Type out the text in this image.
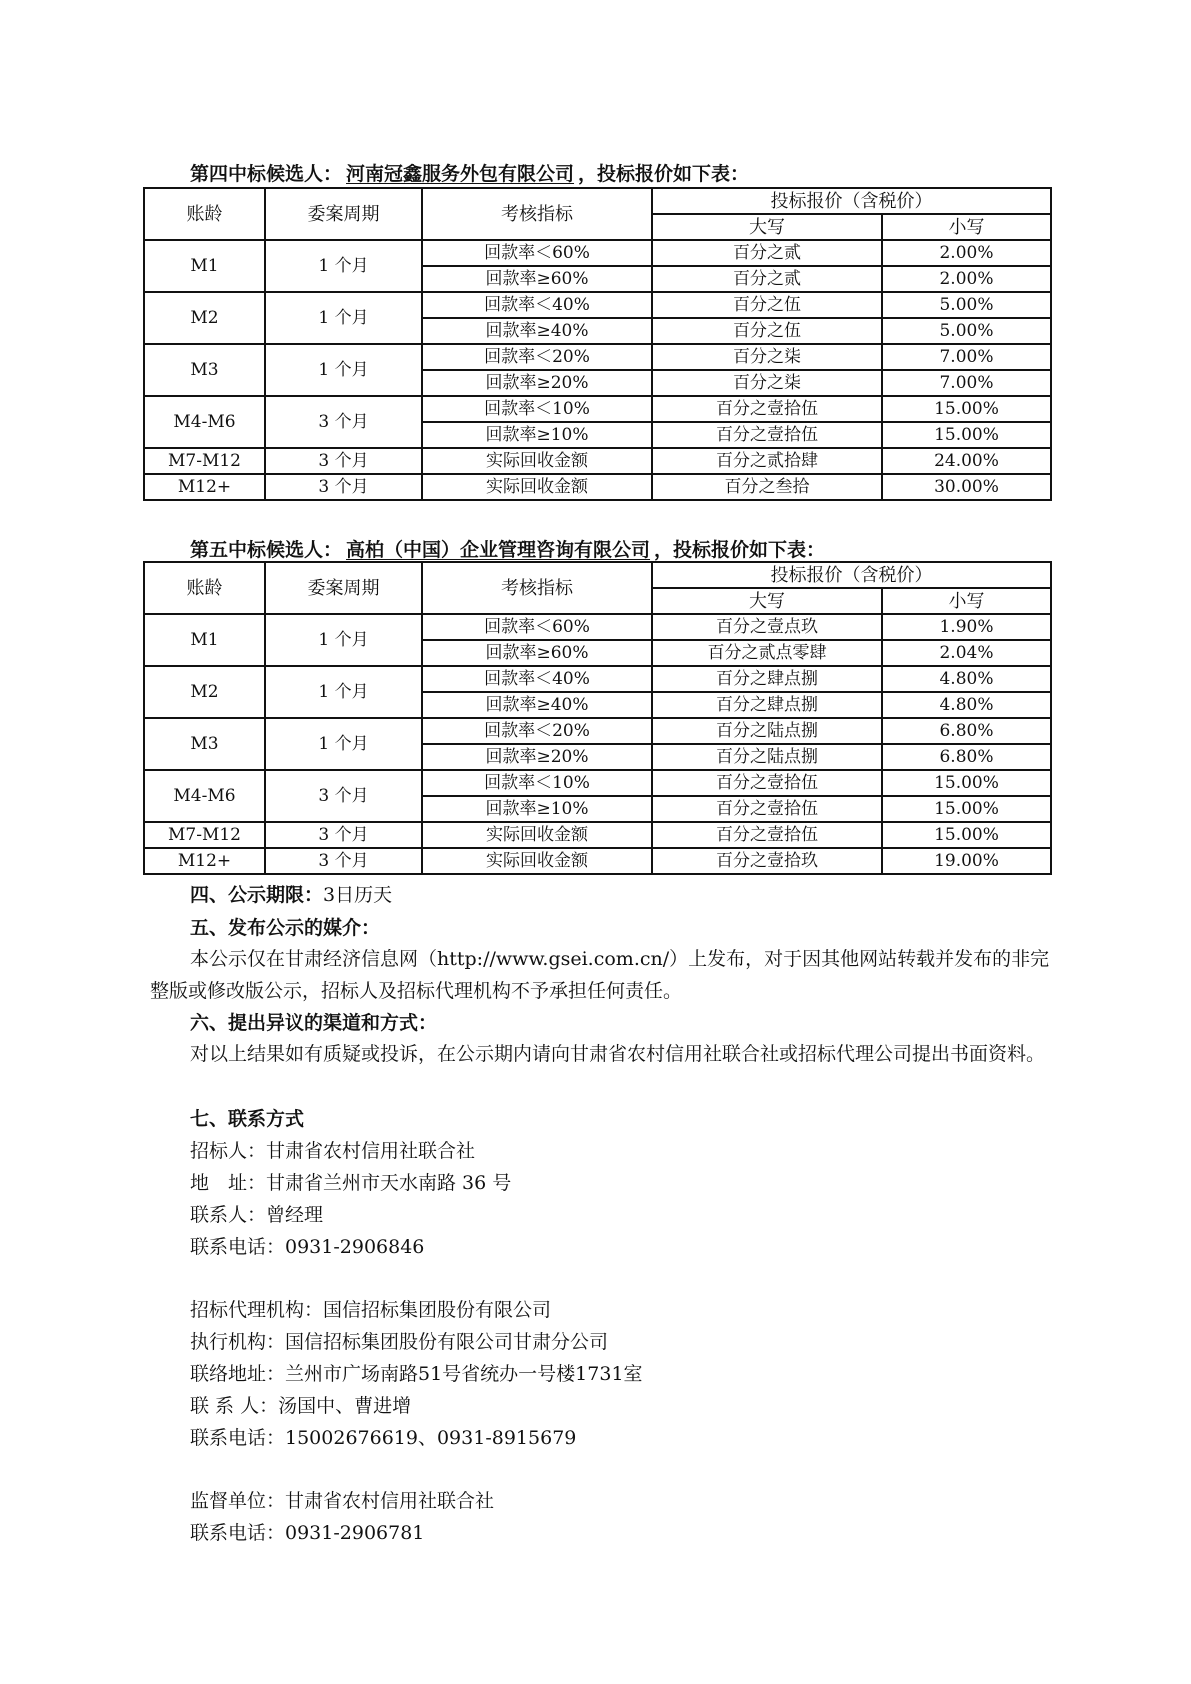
第四中标候选人： 河南冠鑫服务外包有限公司 ，投标报价如下表：
账龄	委案周期	考核指标	投标报价（含税价）	
			大写	小写
M1	1 个月	回款率＜60%	百分之贰	2.00%
		回款率≥60%	百分之贰	2.00%
M2	1 个月	回款率＜40%	百分之伍	5.00%
		回款率≥40%	百分之伍	5.00%
M3	1 个月	回款率＜20%	百分之柒	7.00%
		回款率≥20%	百分之柒	7.00%
M4-M6	3 个月	回款率＜10%	百分之壹拾伍	15.00%
		回款率≥10%	百分之壹拾伍	15.00%
M7-M12	3 个月	实际回收金额	百分之贰拾肆	24.00%
M12+	3 个月	实际回收金额	百分之叁拾	30.00%
第五中标候选人： 高柏（中国）企业管理咨询有限公司 ，投标报价如下表：
账龄	委案周期	考核指标	投标报价（含税价）	
			大写	小写
M1	1 个月	回款率＜60%	百分之壹点玖	1.90%
		回款率≥60%	百分之贰点零肆	2.04%
M2	1 个月	回款率＜40%	百分之肆点捌	4.80%
		回款率≥40%	百分之肆点捌	4.80%
M3	1 个月	回款率＜20%	百分之陆点捌	6.80%
		回款率≥20%	百分之陆点捌	6.80%
M4-M6	3 个月	回款率＜10%	百分之壹拾伍	15.00%
		回款率≥10%	百分之壹拾伍	15.00%
M7-M12	3 个月	实际回收金额	百分之壹拾伍	15.00%
M12+	3 个月	实际回收金额	百分之壹拾玖	19.00%
四、公示期限：3日历天
五、发布公示的媒介：
本公示仅在甘肃经济信息网（http://www.gsei.com.cn/）上发布，对于因其他网站转载并发布的非完整版或修改版公示，招标人及招标代理机构不予承担任何责任。
六、提出异议的渠道和方式：
对以上结果如有质疑或投诉，在公示期内请向甘肃省农村信用社联合社或招标代理公司提出书面资料。
七、联系方式
招标人：甘肃省农村信用社联合社
地　址：甘肃省兰州市天水南路 36 号
联系人：曾经理
联系电话：0931-2906846
招标代理机构：国信招标集团股份有限公司
执行机构：国信招标集团股份有限公司甘肃分公司
联络地址：兰州市广场南路51号省统办一号楼1731室
联 系 人：汤国中、曹进增
联系电话：15002676619、0931-8915679
监督单位：甘肃省农村信用社联合社
联系电话：0931-2906781
